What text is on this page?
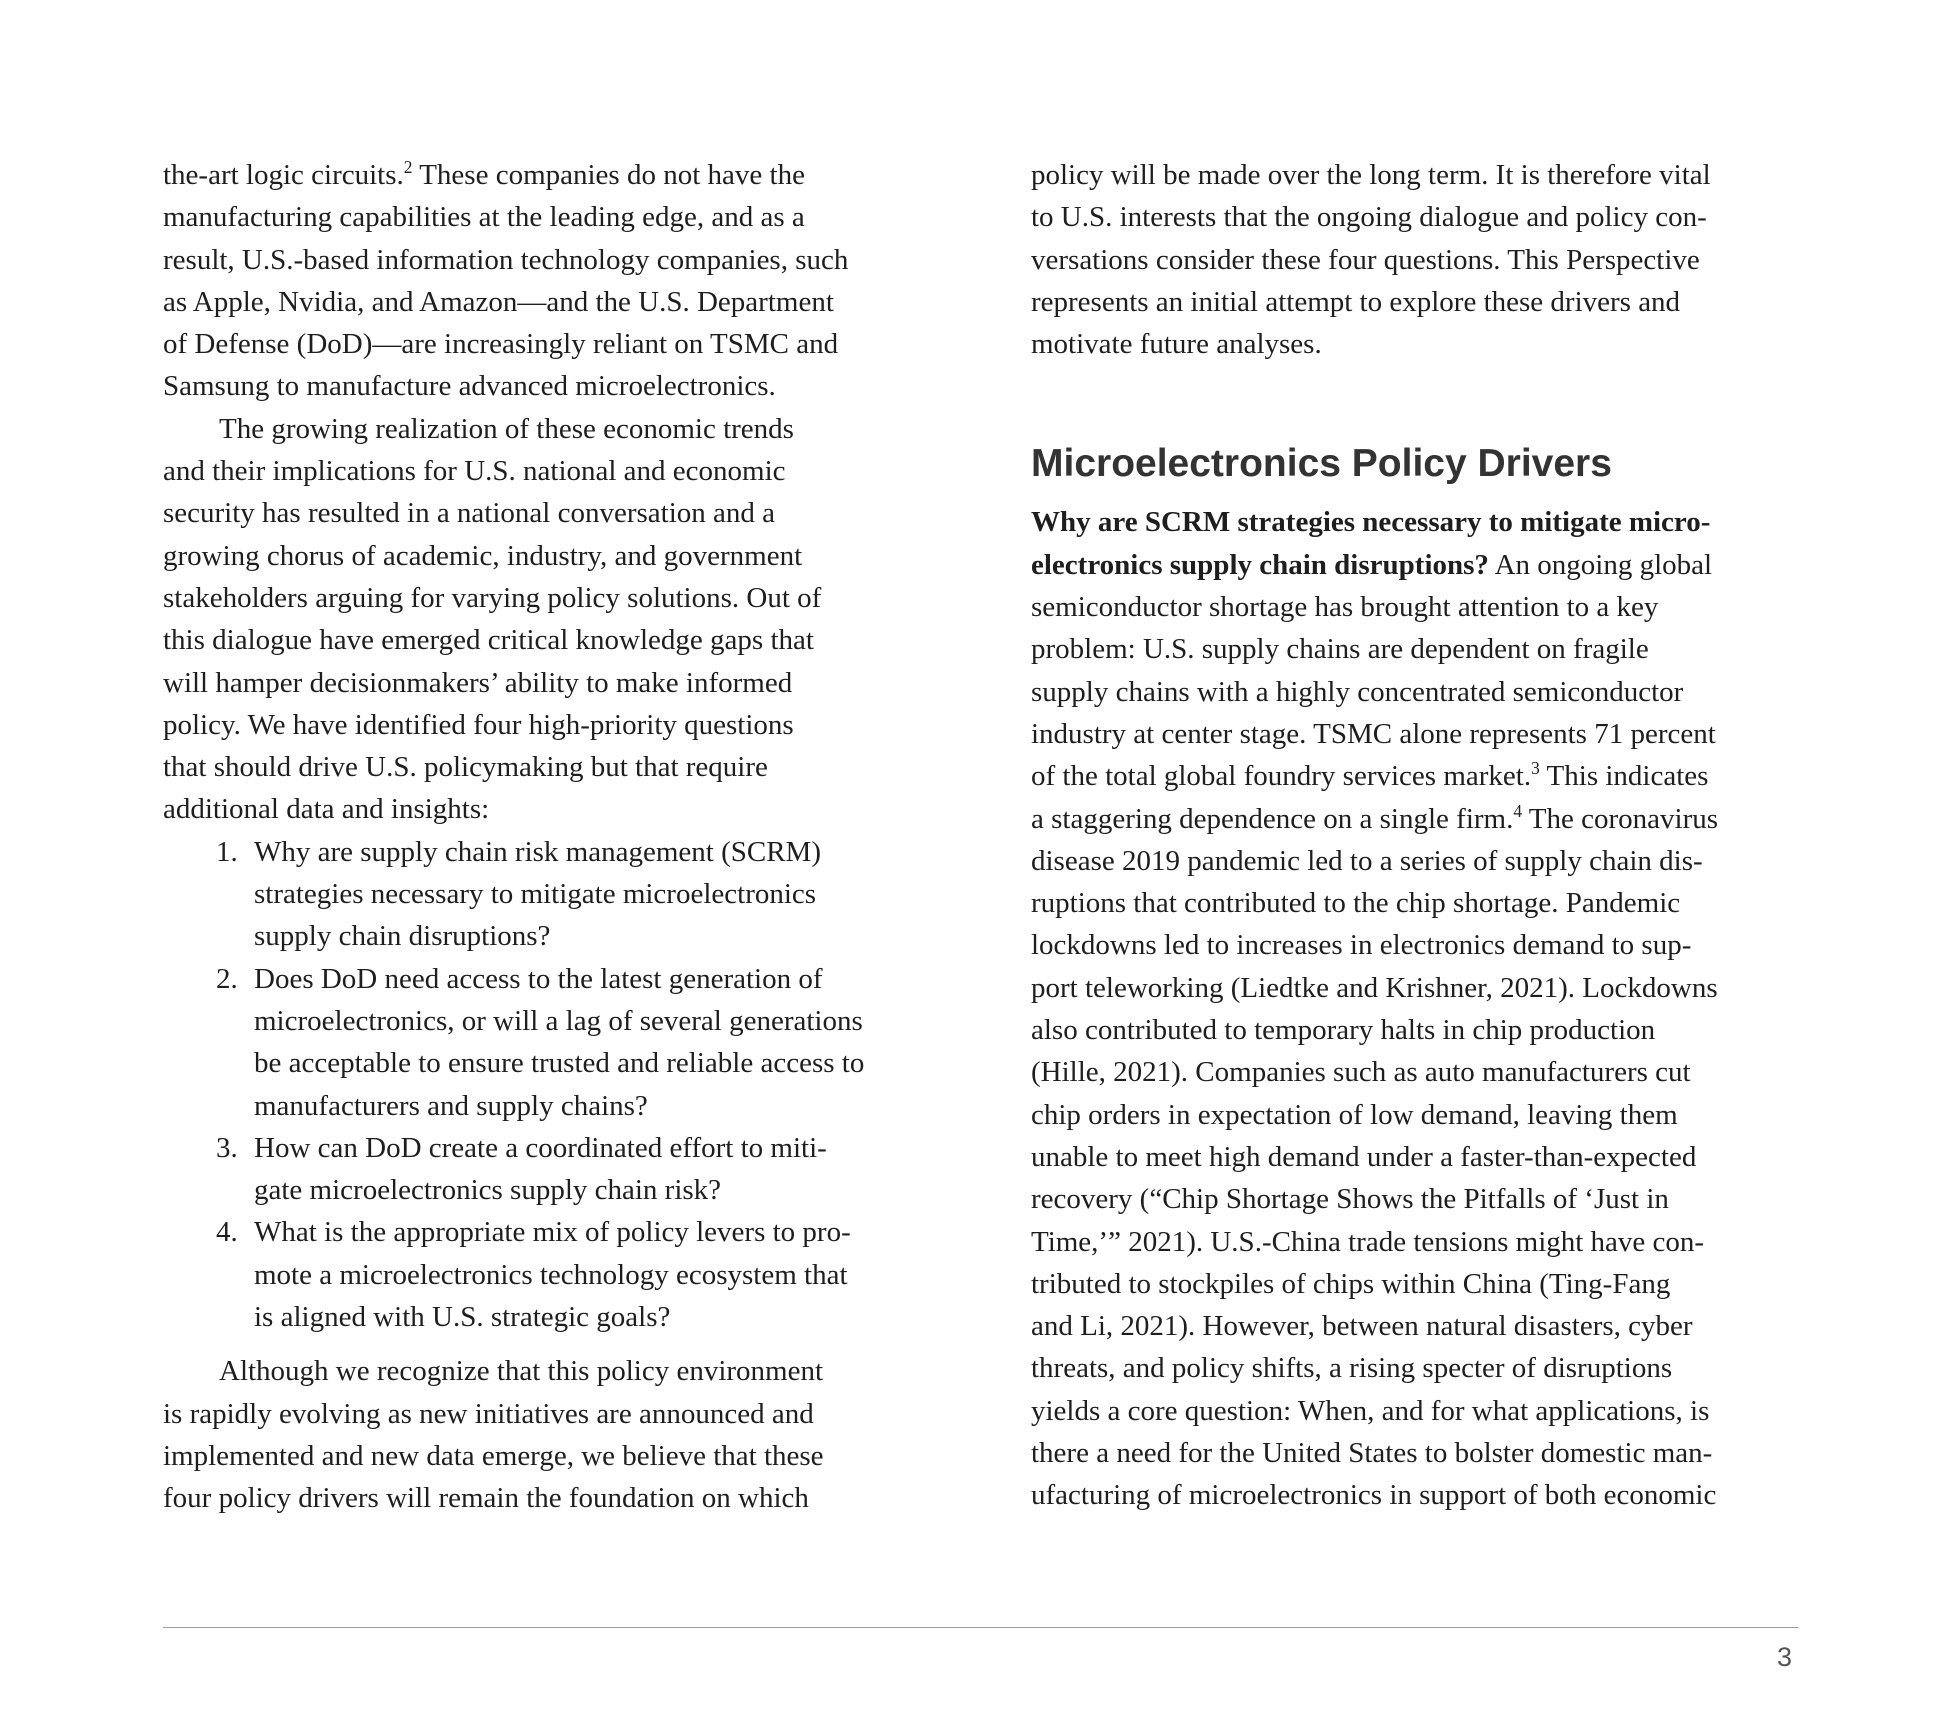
the-art logic circuits.$^2$ These companies do not have the
manufacturing capabilities at the leading edge, and as a
result, U.S.-based information technology companies, such
as Apple, Nvidia, and Amazon—and the U.S. Department
of Defense (DoD)—are increasingly reliant on TSMC and
Samsung to manufacture advanced microelectronics.

The growing realization of these economic trends
and their implications for U.S. national and economic
security has resulted in a national conversation and a
growing chorus of academic, industry, and government
stakeholders arguing for varying policy solutions. Out of
this dialogue have emerged critical knowledge gaps that
will hamper decisionmakers’ ability to make informed
policy. We have identified four high-priority questions
that should drive U.S. policymaking but that require
additional data and insights:

1. Why are supply chain risk management (SCRM)
strategies necessary to mitigate microelectronics
supply chain disruptions?
2. Does DoD need access to the latest generation of
microelectronics, or will a lag of several generations
be acceptable to ensure trusted and reliable access to
manufacturers and supply chains?
3. How can DoD create a coordinated effort to miti-
gate microelectronics supply chain risk?
4. What is the appropriate mix of policy levers to pro-
mote a microelectronics technology ecosystem that
is aligned with U.S. strategic goals?

Although we recognize that this policy environment
is rapidly evolving as new initiatives are announced and
implemented and new data emerge, we believe that these
four policy drivers will remain the foundation on which

policy will be made over the long term. It is therefore vital
to U.S. interests that the ongoing dialogue and policy con-
versations consider these four questions. This Perspective
represents an initial attempt to explore these drivers and
motivate future analyses.

Microelectronics Policy Drivers

Why are SCRM strategies necessary to mitigate micro-
electronics supply chain disruptions? An ongoing global
semiconductor shortage has brought attention to a key
problem: U.S. supply chains are dependent on fragile
supply chains with a highly concentrated semiconductor
industry at center stage. TSMC alone represents 71 percent
of the total global foundry services market.$^3$ This indicates
a staggering dependence on a single firm.$^4$ The coronavirus
disease 2019 pandemic led to a series of supply chain dis-
ruptions that contributed to the chip shortage. Pandemic
lockdowns led to increases in electronics demand to sup-
port teleworking (Liedtke and Krishner, 2021). Lockdowns
also contributed to temporary halts in chip production
(Hille, 2021). Companies such as auto manufacturers cut
chip orders in expectation of low demand, leaving them
unable to meet high demand under a faster-than-expected
recovery (“Chip Shortage Shows the Pitfalls of ‘Just in
Time,’” 2021). U.S.-China trade tensions might have con-
tributed to stockpiles of chips within China (Ting-Fang
and Li, 2021). However, between natural disasters, cyber
threats, and policy shifts, a rising specter of disruptions
yields a core question: When, and for what applications, is
there a need for the United States to bolster domestic man-
ufacturing of microelectronics in support of both economic

3
